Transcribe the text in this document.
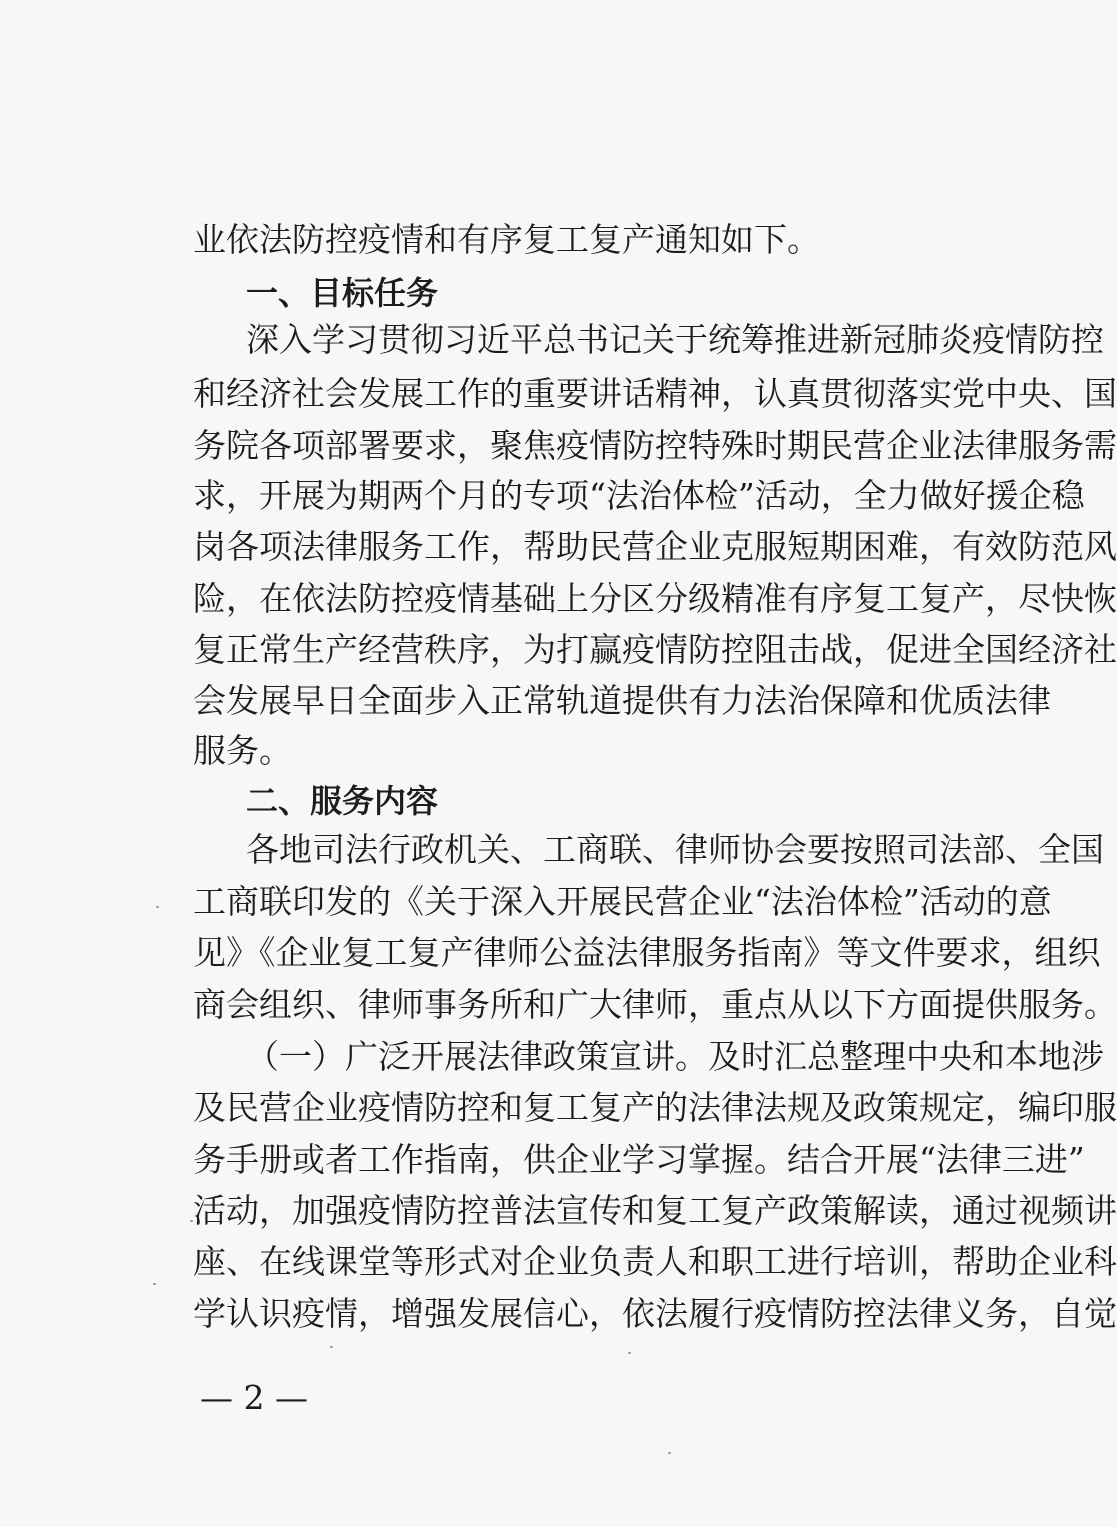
业依法防控疫情和有序复工复产通知如下。
一、目标任务
深入学习贯彻习近平总书记关于统筹推进新冠肺炎疫情防控
和经济社会发展工作的重要讲话精神，认真贯彻落实党中央、国
务院各项部署要求，聚焦疫情防控特殊时期民营企业法律服务需
求，开展为期两个月的专项“法治体检”活动，全力做好援企稳
岗各项法律服务工作，帮助民营企业克服短期困难，有效防范风
险，在依法防控疫情基础上分区分级精准有序复工复产，尽快恢
复正常生产经营秩序，为打赢疫情防控阻击战，促进全国经济社
会发展早日全面步入正常轨道提供有力法治保障和优质法律
服务。
二、服务内容
各地司法行政机关、工商联、律师协会要按照司法部、全国
工商联印发的《关于深入开展民营企业“法治体检”活动的意
见》《企业复工复产律师公益法律服务指南》等文件要求，组织
商会组织、律师事务所和广大律师，重点从以下方面提供服务。
（一）广泛开展法律政策宣讲。及时汇总整理中央和本地涉
及民营企业疫情防控和复工复产的法律法规及政策规定，编印服
务手册或者工作指南，供企业学习掌握。结合开展“法律三进”
活动，加强疫情防控普法宣传和复工复产政策解读，通过视频讲
座、在线课堂等形式对企业负责人和职工进行培训，帮助企业科
学认识疫情，增强发展信心，依法履行疫情防控法律义务，自觉
— 2 —
